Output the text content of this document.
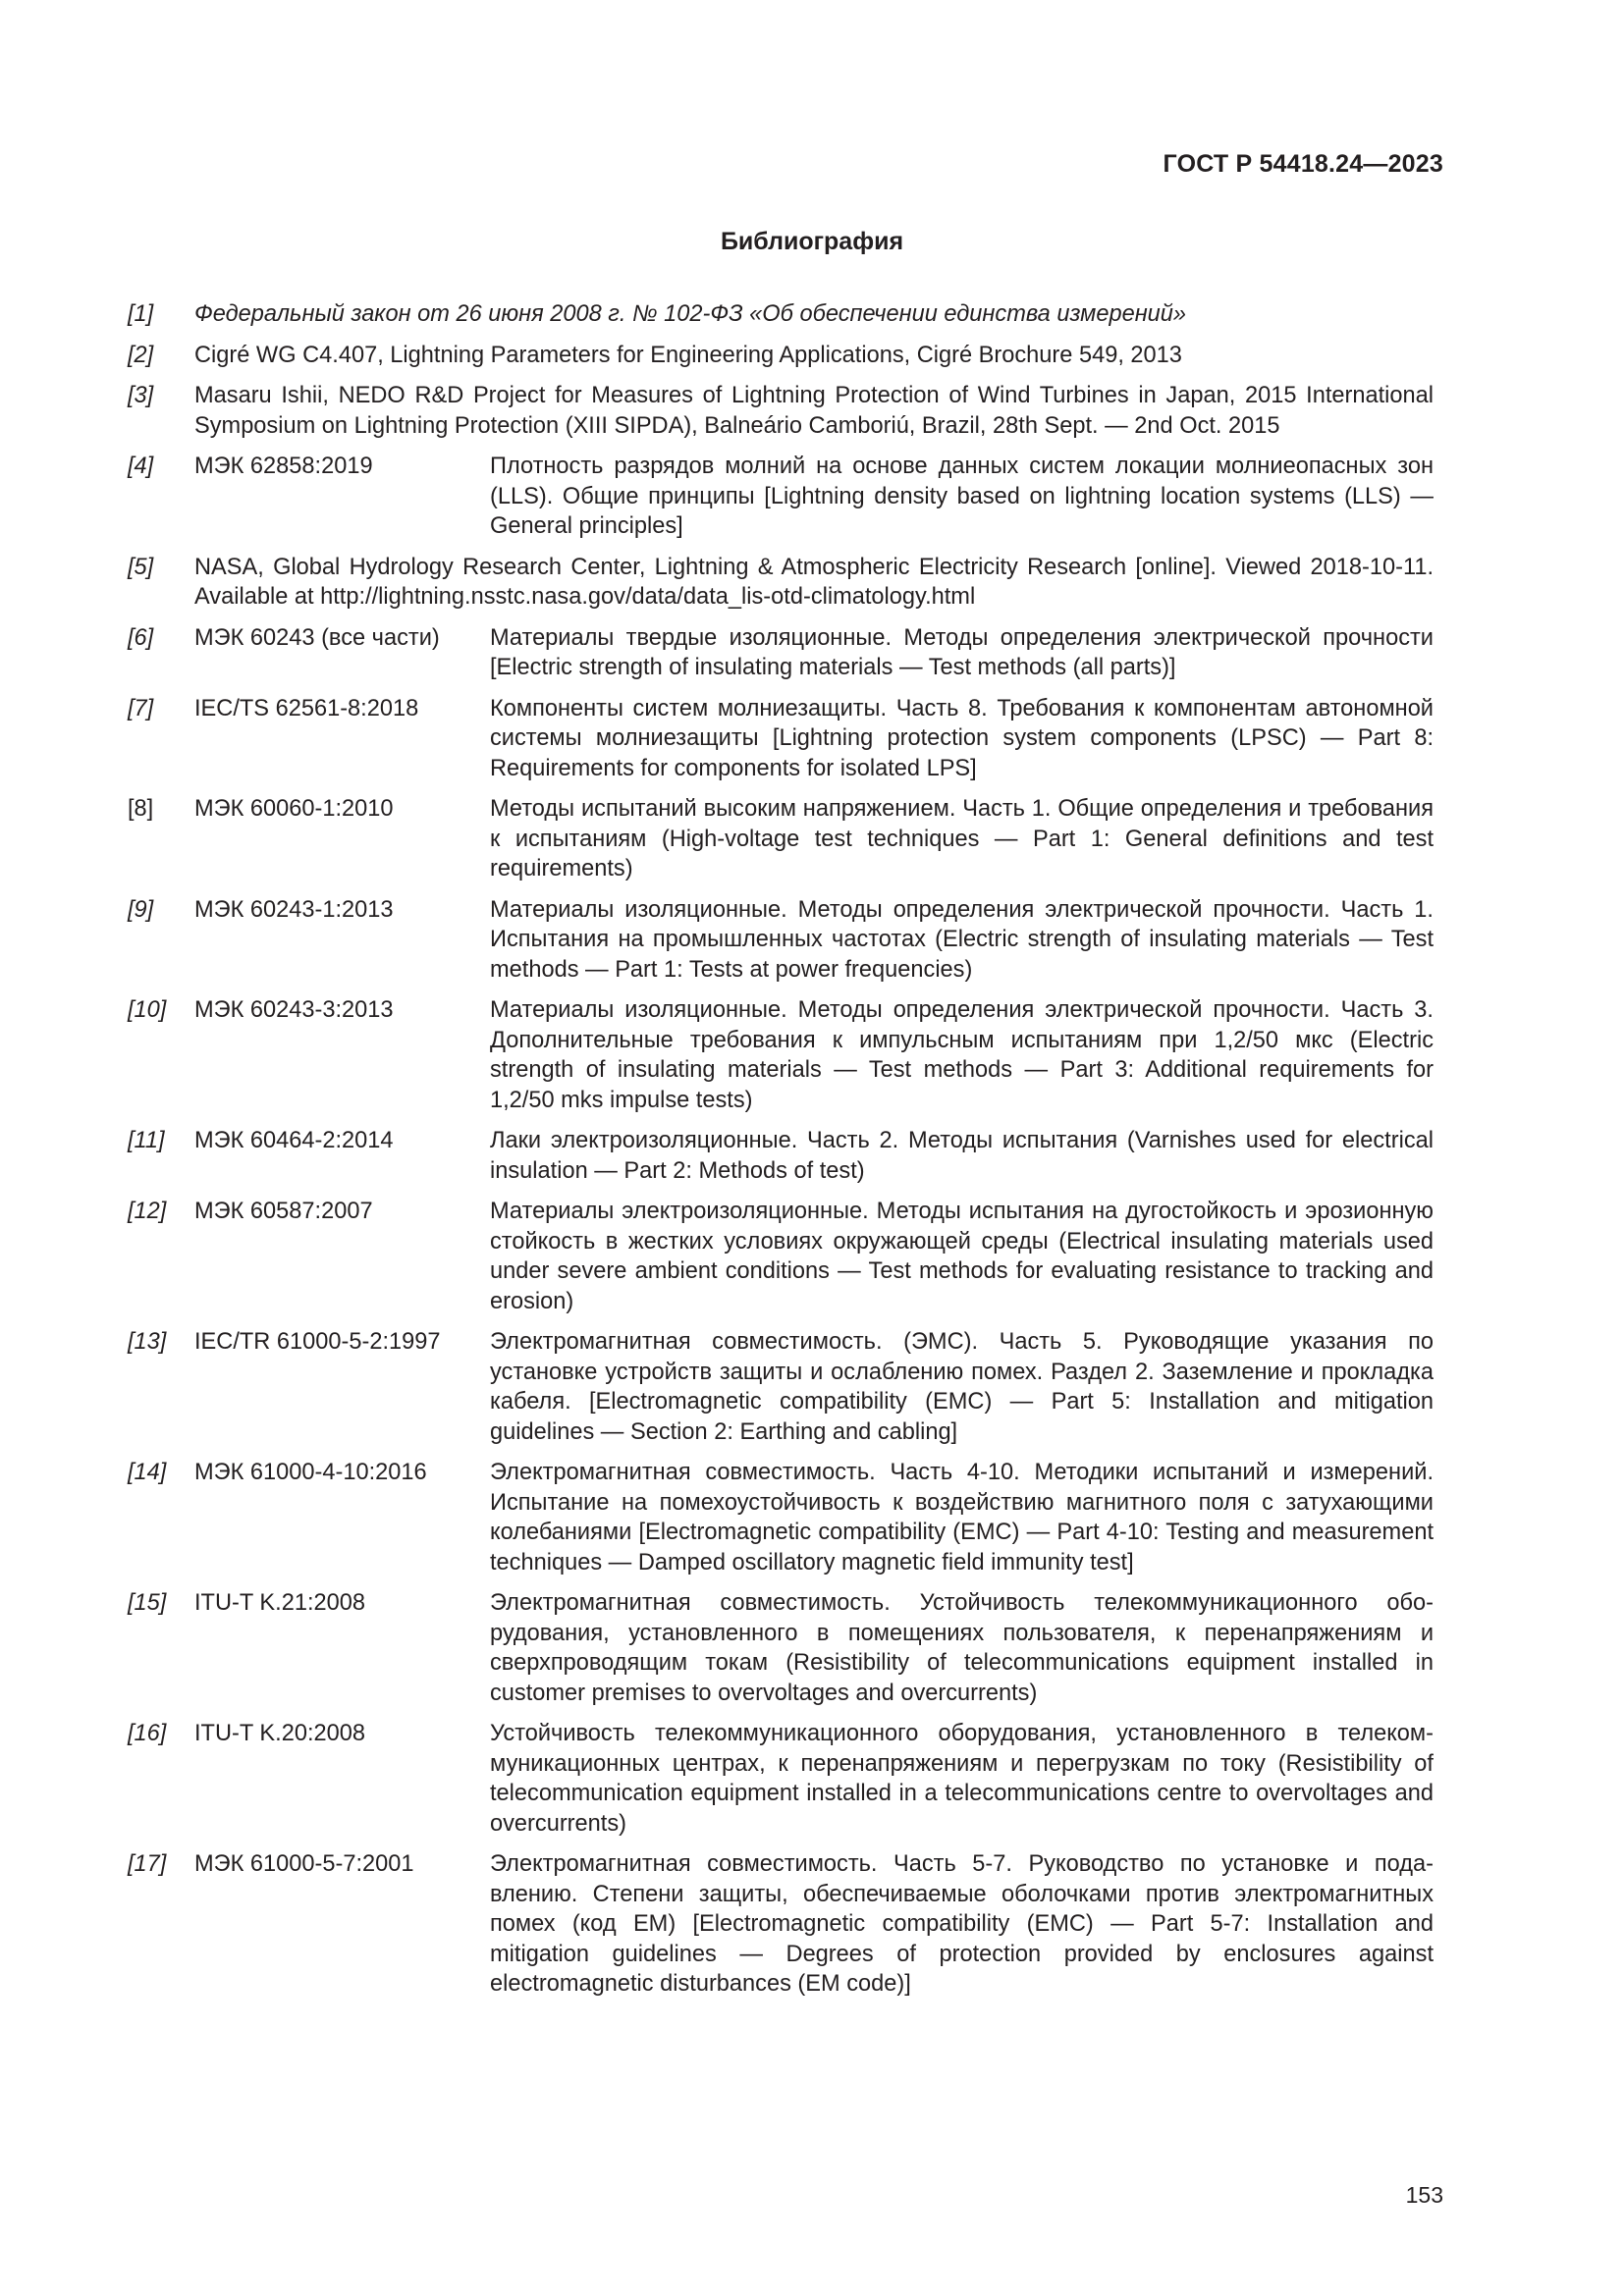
ГОСТ Р 54418.24—2023
Библиография
[1]	Федеральный закон от 26 июня 2008 г. № 102-ФЗ «Об обеспечении единства измерений»
[2]	Cigré WG C4.407, Lightning Parameters for Engineering Applications, Cigré Brochure 549, 2013
[3]	Masaru Ishii, NEDO R&D Project for Measures of Lightning Protection of Wind Turbines in Japan, 2015 International Symposium on Lightning Protection (XIII SIPDA), Balneário Camboriú, Brazil, 28th Sept. — 2nd Oct. 2015
[4]	МЭК 62858:2019	Плотность разрядов молний на основе данных систем локации молниеопасных зон (LLS). Общие принципы [Lightning density based on lightning location systems (LLS) — General principles]
[5]	NASA, Global Hydrology Research Center, Lightning & Atmospheric Electricity Research [online]. Viewed 2018-10-11. Available at http://lightning.nsstc.nasa.gov/data/data_lis-otd-climatology.html
[6]	МЭК 60243 (все части)	Материалы твердые изоляционные. Методы определения электрической прочности [Electric strength of insulating materials — Test methods (all parts)]
[7]	IEC/TS 62561-8:2018	Компоненты систем молниезащиты. Часть 8. Требования к компонентам автономной системы молниезащиты [Lightning protection system components (LPSC) — Part 8: Requirements for components for isolated LPS]
[8]	МЭК 60060-1:2010	Методы испытаний высоким напряжением. Часть 1. Общие определения и требования к испытаниям (High-voltage test techniques — Part 1: General definitions and test requirements)
[9]	МЭК 60243-1:2013	Материалы изоляционные. Методы определения электрической прочности. Часть 1. Испытания на промышленных частотах (Electric strength of insulating materials — Test methods — Part 1: Tests at power frequencies)
[10]	МЭК 60243-3:2013	Материалы изоляционные. Методы определения электрической прочности. Часть 3. Дополнительные требования к импульсным испытаниям при 1,2/50 мкс (Electric strength of insulating materials — Test methods — Part 3: Additional requirements for 1,2/50 mks impulse tests)
[11]	МЭК 60464-2:2014	Лаки электроизоляционные. Часть 2. Методы испытания (Varnishes used for electrical insulation — Part 2: Methods of test)
[12]	МЭК 60587:2007	Материалы электроизоляционные. Методы испытания на дугостойкость и эрозионную стойкость в жестких условиях окружающей среды (Electrical insulating materials used under severe ambient conditions — Test methods for evaluating resistance to tracking and erosion)
[13]	IEC/TR 61000-5-2:1997	Электромагнитная совместимость. (ЭМС). Часть 5. Руководящие указания по установке устройств защиты и ослаблению помех. Раздел 2. Заземление и прокладка кабеля. [Electromagnetic compatibility (EMC) — Part 5: Installation and mitigation guidelines — Section 2: Earthing and cabling]
[14]	МЭК 61000-4-10:2016	Электромагнитная совместимость. Часть 4-10. Методики испытаний и измерений. Испытание на помехоустойчивость к воздействию магнитного поля с затухающими колебаниями [Electromagnetic compatibility (EMC) — Part 4-10: Testing and measurement techniques — Damped oscillatory magnetic field immunity test]
[15]	ITU-T K.21:2008	Электромагнитная совместимость. Устойчивость телекоммуникационного оборудования, установленного в помещениях пользователя, к перенапряжениям и сверхпроводящим токам (Resistibility of telecommunications equipment installed in customer premises to overvoltages and overcurrents)
[16]	ITU-T K.20:2008	Устойчивость телекоммуникационного оборудования, установленного в телекоммуникационных центрах, к перенапряжениям и перегрузкам по току (Resistibility of telecommunication equipment installed in a telecommunications centre to overvoltages and overcurrents)
[17]	МЭК 61000-5-7:2001	Электромагнитная совместимость. Часть 5-7. Руководство по установке и подавлению. Степени защиты, обеспечиваемые оболочками против электромагнитных помех (код ЕМ) [Electromagnetic compatibility (EMC) — Part 5-7: Installation and mitigation guidelines — Degrees of protection provided by enclosures against electromagnetic disturbances (EM code)]
153
